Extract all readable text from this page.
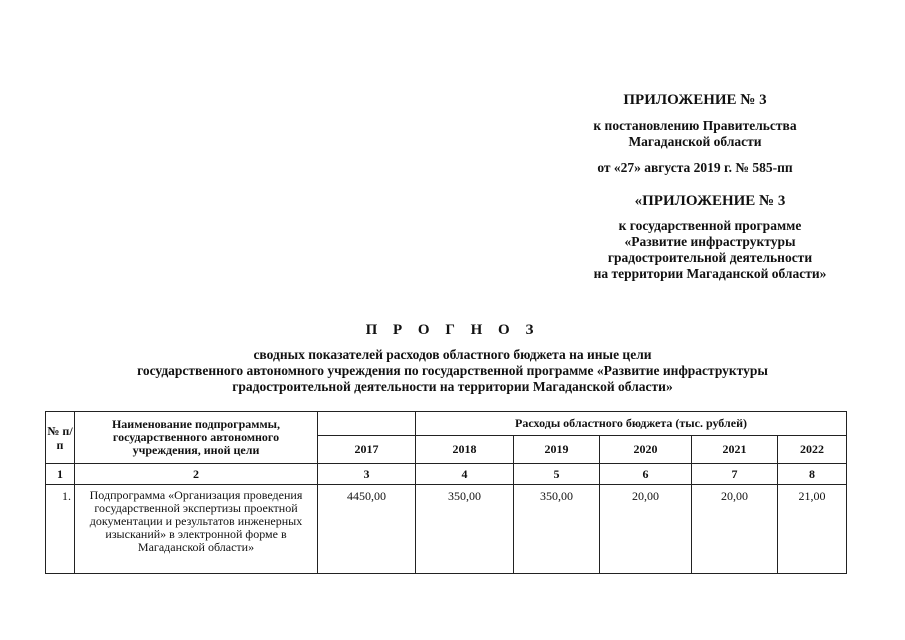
ПРИЛОЖЕНИЕ № 3
к постановлению Правительства
Магаданской области
от «27» августа 2019 г. № 585-пп
«ПРИЛОЖЕНИЕ № 3
к государственной программе
«Развитие инфраструктуры
градостроительной деятельности
на территории Магаданской области»
П Р О Г Н О З
сводных показателей расходов областного бюджета на иные цели
государственного автономного учреждения по государственной программе «Развитие инфраструктуры
градостроительной деятельности на территории Магаданской области»
№ п/п	Наименование подпрограммы,
государственного автономного
учреждения, иной цели		Расходы областного бюджета (тыс. рублей)				
		2017	2018	2019	2020	2021	2022
1	2	3	4	5	6	7	8
1.	Подпрограмма «Организация проведения
государственной экспертизы проектной
документации и результатов инженерных
изысканий» в электронной форме в
Магаданской области»	4450,00	350,00	350,00	20,00	20,00	21,00
